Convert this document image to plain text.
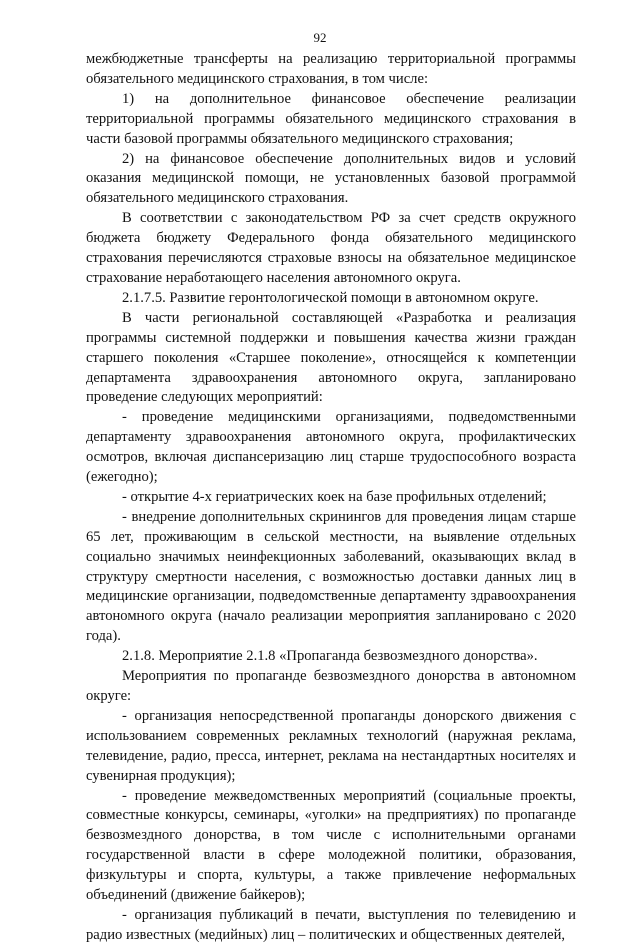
92

межбюджетные трансферты на реализацию территориальной программы обязательного медицинского страхования, в том числе:

1) на дополнительное финансовое обеспечение реализации территориальной программы обязательного медицинского страхования в части базовой программы обязательного медицинского страхования;

2) на финансовое обеспечение дополнительных видов и условий оказания медицинской помощи, не установленных базовой программой обязательного медицинского страхования.

В соответствии с законодательством РФ за счет средств окружного бюджета бюджету Федерального фонда обязательного медицинского страхования перечисляются страховые взносы на обязательное медицинское страхование неработающего населения автономного округа.

2.1.7.5. Развитие геронтологической помощи в автономном округе.

В части региональной составляющей «Разработка и реализация программы системной поддержки и повышения качества жизни граждан старшего поколения «Старшее поколение», относящейся к компетенции департамента здравоохранения автономного округа, запланировано проведение следующих мероприятий:

- проведение медицинскими организациями, подведомственными департаменту здравоохранения автономного округа, профилактических осмотров, включая диспансеризацию лиц старше трудоспособного возраста (ежегодно);

- открытие 4-х гериатрических коек на базе профильных отделений;

- внедрение дополнительных скринингов для проведения лицам старше 65 лет, проживающим в сельской местности, на выявление отдельных социально значимых неинфекционных заболеваний, оказывающих вклад в структуру смертности населения, с возможностью доставки данных лиц в медицинские организации, подведомственные департаменту здравоохранения автономного округа (начало реализации мероприятия запланировано с 2020 года).

2.1.8. Мероприятие 2.1.8 «Пропаганда безвозмездного донорства».

Мероприятия по пропаганде безвозмездного донорства в автономном округе:

- организация непосредственной пропаганды донорского движения с использованием современных рекламных технологий (наружная реклама, телевидение, радио, пресса, интернет, реклама на нестандартных носителях и сувенирная продукция);

- проведение межведомственных мероприятий (социальные проекты, совместные конкурсы, семинары, «уголки» на предприятиях) по пропаганде безвозмездного донорства, в том числе с исполнительными органами государственной власти в сфере молодежной политики, образования, физкультуры и спорта, культуры, а также привлечение неформальных объединений (движение байкеров);

- организация публикаций в печати, выступления по телевидению и радио известных (медийных) лиц – политических и общественных деятелей,
